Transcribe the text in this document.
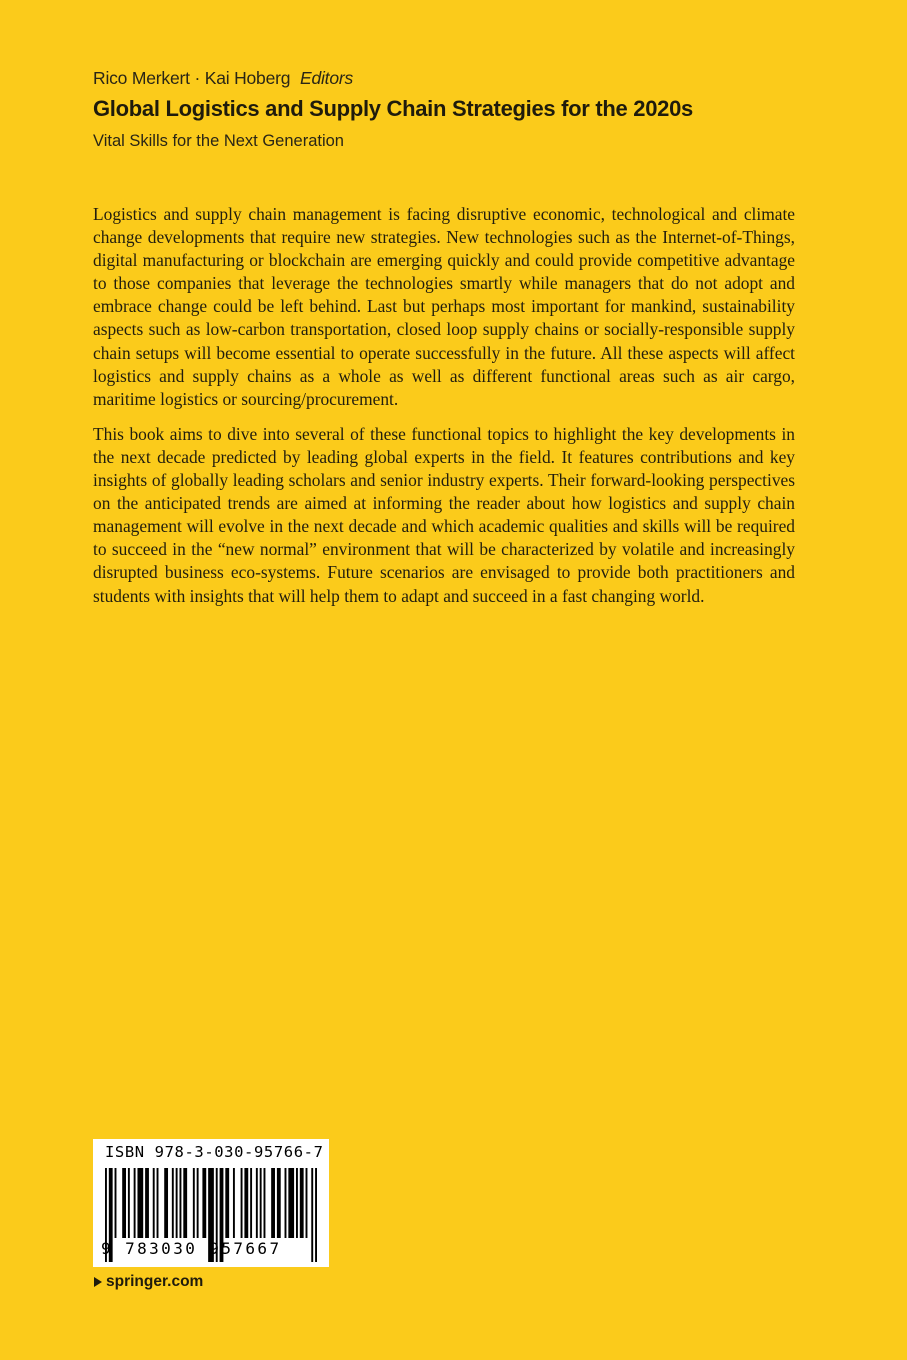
Rico Merkert · Kai Hoberg Editors
Global Logistics and Supply Chain Strategies for the 2020s
Vital Skills for the Next Generation

Logistics and supply chain management is facing disruptive economic, technological and climate change developments that require new strategies. New technologies such as the Internet-of-Things, digital manufacturing or blockchain are emerging quickly and could provide competitive advantage to those companies that leverage the technologies smartly while managers that do not adopt and embrace change could be left behind. Last but perhaps most important for mankind, sustainability aspects such as low-carbon transportation, closed loop supply chains or socially-responsible supply chain setups will become essential to operate successfully in the future. All these aspects will affect logistics and supply chains as a whole as well as different functional areas such as air cargo, maritime logistics or sourcing/procurement.

This book aims to dive into several of these functional topics to highlight the key developments in the next decade predicted by leading global experts in the field. It features contributions and key insights of globally leading scholars and senior industry experts. Their forward-looking perspectives on the anticipated trends are aimed at informing the reader about how logistics and supply chain management will evolve in the next decade and which academic qualities and skills will be required to succeed in the “new normal” environment that will be characterized by volatile and increasingly disrupted business eco-systems. Future scenarios are envisaged to provide both practitioners and students with insights that will help them to adapt and succeed in a fast changing world.

ISBN 978-3-030-95766-7
9 783030 957667
springer.com
